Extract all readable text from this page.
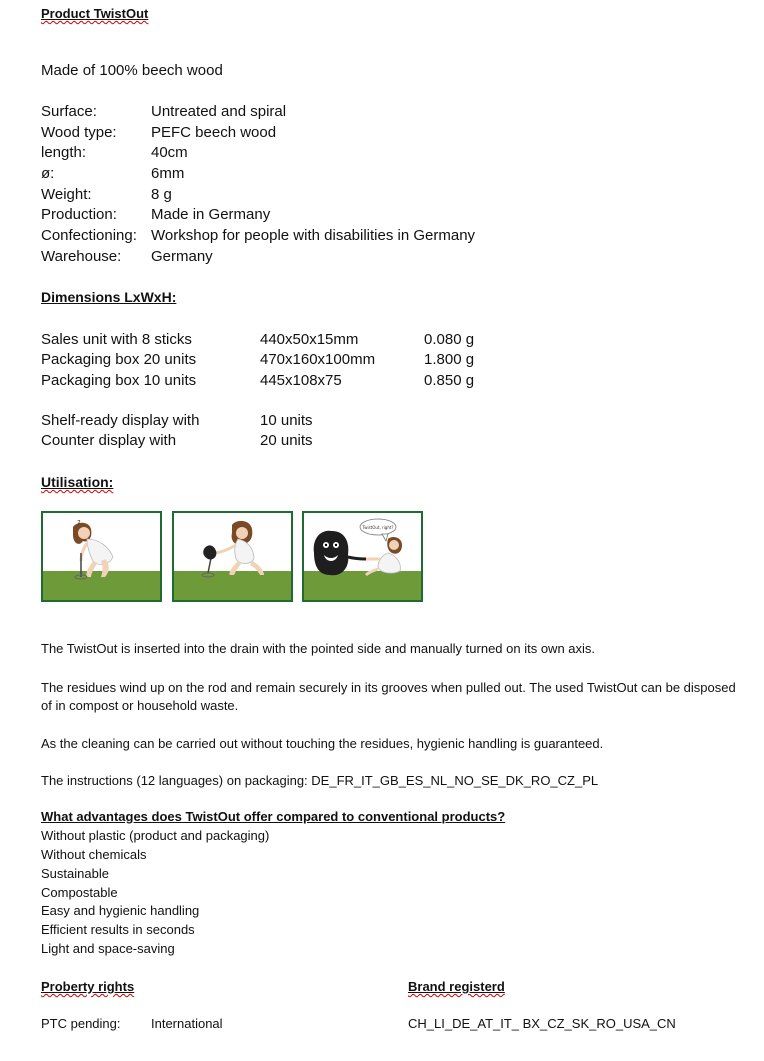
Product TwistOut
Made of 100% beech wood
Surface:	Untreated and spiral
Wood type: PEFC beech wood
length:	40cm
ø:	6mm
Weight:	8 g
Production: Made in Germany
Confectioning: Workshop for people with disabilities in Germany
Warehouse: Germany
Dimensions LxWxH:
Sales unit with 8 sticks	440x50x15mm	0.080 g
Packaging box 20 units	470x160x100mm	1.800 g
Packaging box 10 units	445x108x75	0.850 g
Shelf-ready display with	10 units
Counter display with	20 units
Utilisation:
?
TwistOut, right?
The TwistOut is inserted into the drain with the pointed side and manually turned on its own axis.
The residues wind up on the rod and remain securely in its grooves when pulled out. The used TwistOut can be disposed of in compost or household waste.
As the cleaning can be carried out without touching the residues, hygienic handling is guaranteed.
The instructions (12 languages) on packaging: DE_FR_IT_GB_ES_NL_NO_SE_DK_RO_CZ_PL
What advantages does TwistOut offer compared to conventional products?
Without plastic (product and packaging)
Without chemicals
Sustainable
Compostable
Easy and hygienic handling
Efficient results in seconds
Light and space-saving
Proberty rights	Brand registerd
PTC pending: International	CH_LI_DE_AT_IT_ BX_CZ_SK_RO_USA_CN
